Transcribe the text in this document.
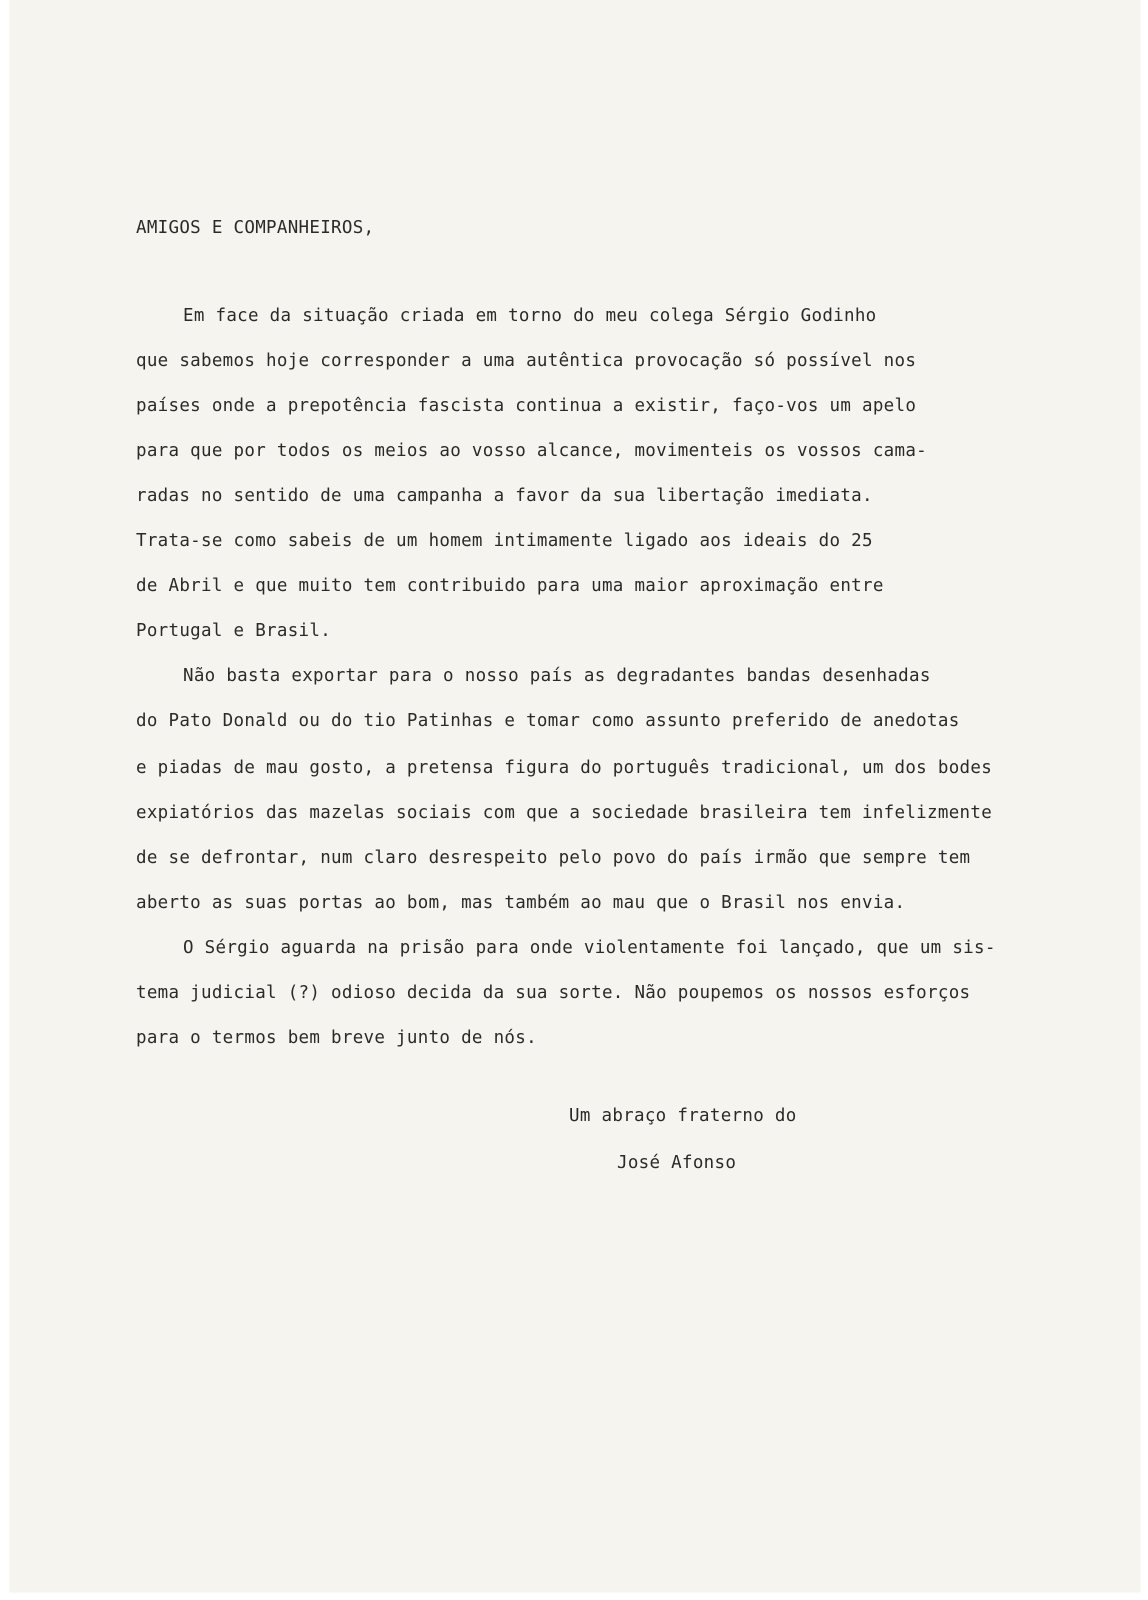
AMIGOS E COMPANHEIROS,
Em face da situação criada em torno do meu colega Sérgio Godinho
que sabemos hoje corresponder a uma autêntica provocação só possível nos
países onde a prepotência fascista continua a existir, faço-vos um apelo
para que por todos os meios ao vosso alcance, movimenteis os vossos cama-
radas no sentido de uma campanha a favor da sua libertação imediata.
Trata-se como sabeis de um homem intimamente ligado aos ideais do 25
de Abril e que muito tem contribuido para uma maior aproximação entre
Portugal e Brasil.
Não basta exportar para o nosso país as degradantes bandas desenhadas
do Pato Donald ou do tio Patinhas e tomar como assunto preferido de anedotas
e piadas de mau gosto, a pretensa figura do português tradicional, um dos bodes
expiatórios das mazelas sociais com que a sociedade brasileira tem infelizmente
de se defrontar, num claro desrespeito pelo povo do país irmão que sempre tem
aberto as suas portas ao bom, mas também ao mau que o Brasil nos envia.
O Sérgio aguarda na prisão para onde violentamente foi lançado, que um sis-
tema judicial (?) odioso decida da sua sorte. Não poupemos os nossos esforços
para o termos bem breve junto de nós.
Um abraço fraterno do
José Afonso
